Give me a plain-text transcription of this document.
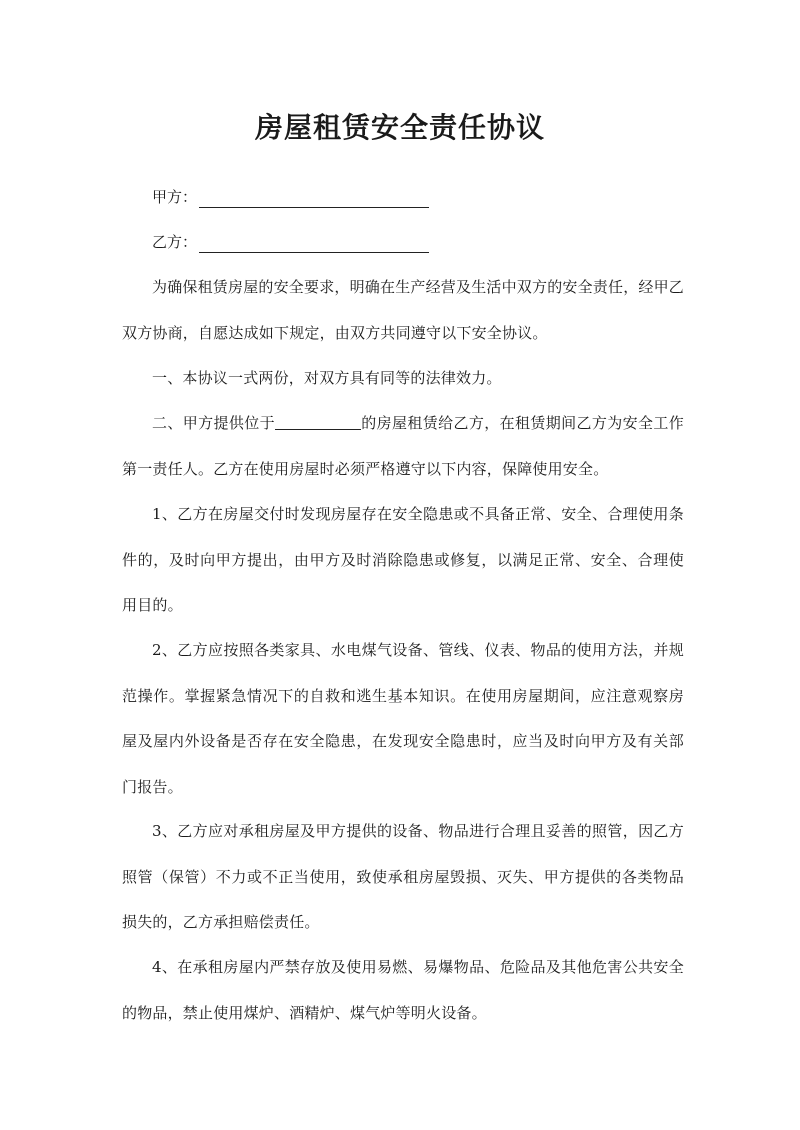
房屋租赁安全责任协议
甲方：
乙方：
为确保租赁房屋的安全要求，明确在生产经营及生活中双方的安全责任，经甲乙双方协商，自愿达成如下规定，由双方共同遵守以下安全协议。
一、本协议一式两份，对双方具有同等的法律效力。
二、甲方提供位于	的房屋租赁给乙方，在租赁期间乙方为安全工作第一责任人。乙方在使用房屋时必须严格遵守以下内容，保障使用安全。
1、乙方在房屋交付时发现房屋存在安全隐患或不具备正常、安全、合理使用条件的，及时向甲方提出，由甲方及时消除隐患或修复，以满足正常、安全、合理使用目的。
2、乙方应按照各类家具、水电煤气设备、管线、仪表、物品的使用方法，并规范操作。掌握紧急情况下的自救和逃生基本知识。在使用房屋期间，应注意观察房屋及屋内外设备是否存在安全隐患，在发现安全隐患时，应当及时向甲方及有关部门报告。
3、乙方应对承租房屋及甲方提供的设备、物品进行合理且妥善的照管，因乙方照管（保管）不力或不正当使用，致使承租房屋毁损、灭失、甲方提供的各类物品损失的，乙方承担赔偿责任。
4、在承租房屋内严禁存放及使用易燃、易爆物品、危险品及其他危害公共安全的物品，禁止使用煤炉、酒精炉、煤气炉等明火设备。
